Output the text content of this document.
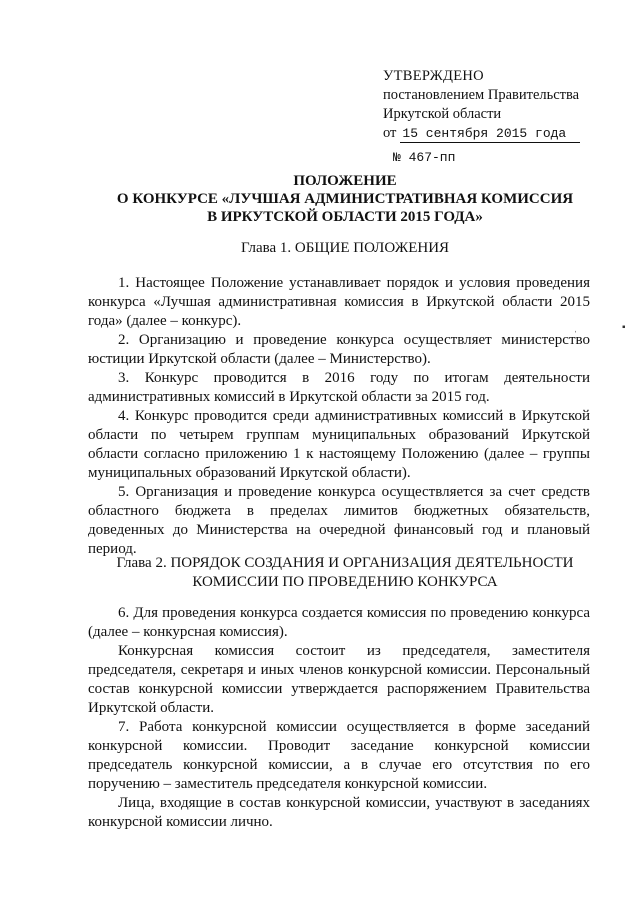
УТВЕРЖДЕНО
постановлением Правительства
Иркутской области
от 15 сентября 2015 года
№ 467-пп
ПОЛОЖЕНИЕ
О КОНКУРСЕ «ЛУЧШАЯ АДМИНИСТРАТИВНАЯ КОМИССИЯ
В ИРКУТСКОЙ ОБЛАСТИ 2015 ГОДА»
Глава 1. ОБЩИЕ ПОЛОЖЕНИЯ

1. Настоящее Положение устанавливает порядок и условия проведения конкурса «Лучшая административная комиссия в Иркутской области 2015 года» (далее – конкурс).

2. Организацию и проведение конкурса осуществляет министерство юстиции Иркутской области (далее – Министерство).

3. Конкурс проводится в 2016 году по итогам деятельности административных комиссий в Иркутской области за 2015 год.

4. Конкурс проводится среди административных комиссий в Иркутской области по четырем группам муниципальных образований Иркутской области согласно приложению 1 к настоящему Положению (далее – группы муниципальных образований Иркутской области).

5. Организация и проведение конкурса осуществляется за счет средств областного бюджета в пределах лимитов бюджетных обязательств, доведенных до Министерства на очередной финансовый год и плановый период.

Глава 2. ПОРЯДОК СОЗДАНИЯ И ОРГАНИЗАЦИЯ ДЕЯТЕЛЬНОСТИ
КОМИССИИ ПО ПРОВЕДЕНИЮ КОНКУРСА

6. Для проведения конкурса создается комиссия по проведению конкурса (далее – конкурсная комиссия).

Конкурсная комиссия состоит из председателя, заместителя председателя, секретаря и иных членов конкурсной комиссии. Персональный состав конкурсной комиссии утверждается распоряжением Правительства Иркутской области.

7. Работа конкурсной комиссии осуществляется в форме заседаний конкурсной комиссии. Проводит заседание конкурсной комиссии председатель конкурсной комиссии, а в случае его отсутствия по его поручению – заместитель председателя конкурсной комиссии.

Лица, входящие в состав конкурсной комиссии, участвуют в заседаниях конкурсной комиссии лично.

ˌ	▪
